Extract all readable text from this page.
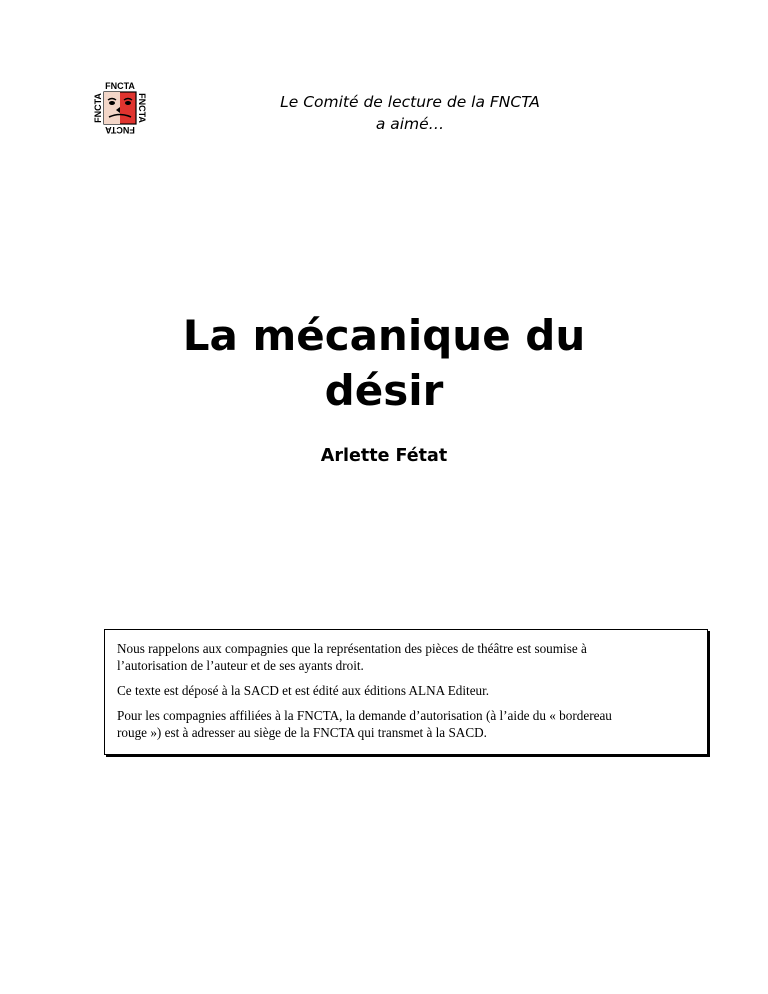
FNCTA
FNCTA
FNCTA	FNCTA	Le Comité de lecture de la FNCTA
a aimé…
La mécanique du
désir
Arlette Fétat

Nous rappelons aux compagnies que la représentation des pièces de théâtre est soumise à
l’autorisation de l’auteur et de ses ayants droit.

Ce texte est déposé à la SACD et est édité aux éditions ALNA Editeur.

Pour les compagnies affiliées à la FNCTA, la demande d’autorisation (à l’aide du « bordereau
rouge ») est à adresser au siège de la FNCTA qui transmet à la SACD.
